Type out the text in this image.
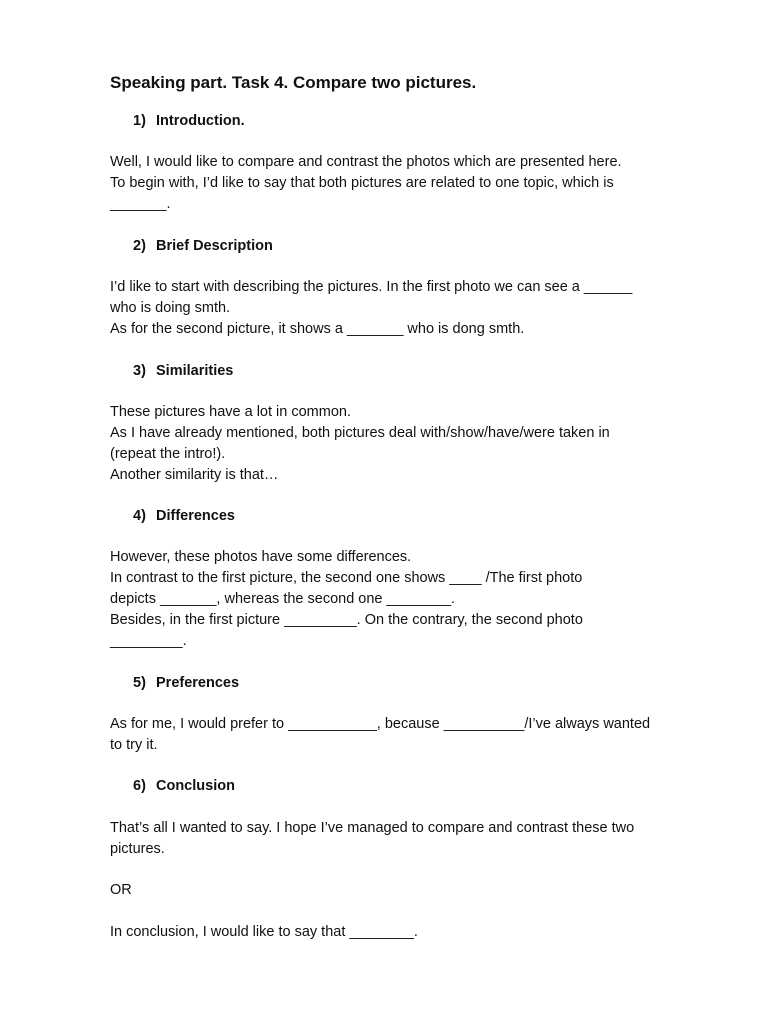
Speaking part. Task 4. Compare two pictures.
1) Introduction.
Well, I would like to compare and contrast the photos which are presented here.
To begin with, I’d like to say that both pictures are related to one topic, which is
_______.
2) Brief Description
I’d like to start with describing the pictures. In the first photo we can see a ______
who is doing smth.
As for the second picture, it shows a _______ who is dong smth.
3) Similarities
These pictures have a lot in common.
As I have already mentioned, both pictures deal with/show/have/were taken in
(repeat the intro!).
Another similarity is that…
4) Differences
However, these photos have some differences.
In contrast to the first picture, the second one shows ____ /The first photo
depicts _______, whereas the second one ________.
Besides, in the first picture _________. On the contrary, the second photo
_________.
5) Preferences
As for me, I would prefer to ___________, because __________/I’ve always wanted
to try it.
6) Conclusion
That’s all I wanted to say. I hope I’ve managed to compare and contrast these two
pictures.
OR
In conclusion, I would like to say that ________.
